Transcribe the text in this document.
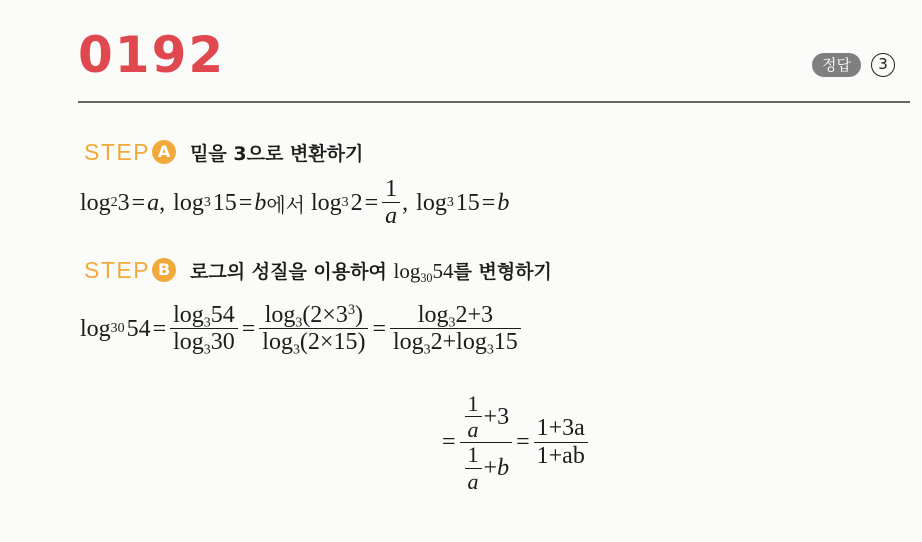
0192	정답	3
STEP A	밑을 3으로 변환하기
log 2 3 = a , log 3 15 = b 에서 log 3 $2 = \frac{1}{a}$ , log 3 15 = b
STEP B	로그의 성질을 이용하여 $\log_{30}54$를 변형하기
log 30 $54 = \frac{\log_354}{\log_330} = \frac{\log_3(2\times 3^3)}{\log_3(2\times 15)} = \frac{\log_32+3}{\log_32+\log_315}$
= $\frac{\frac{1}{a} +3}{\frac{1}{a} + b} = \frac{1+3a}{1+ab}$
